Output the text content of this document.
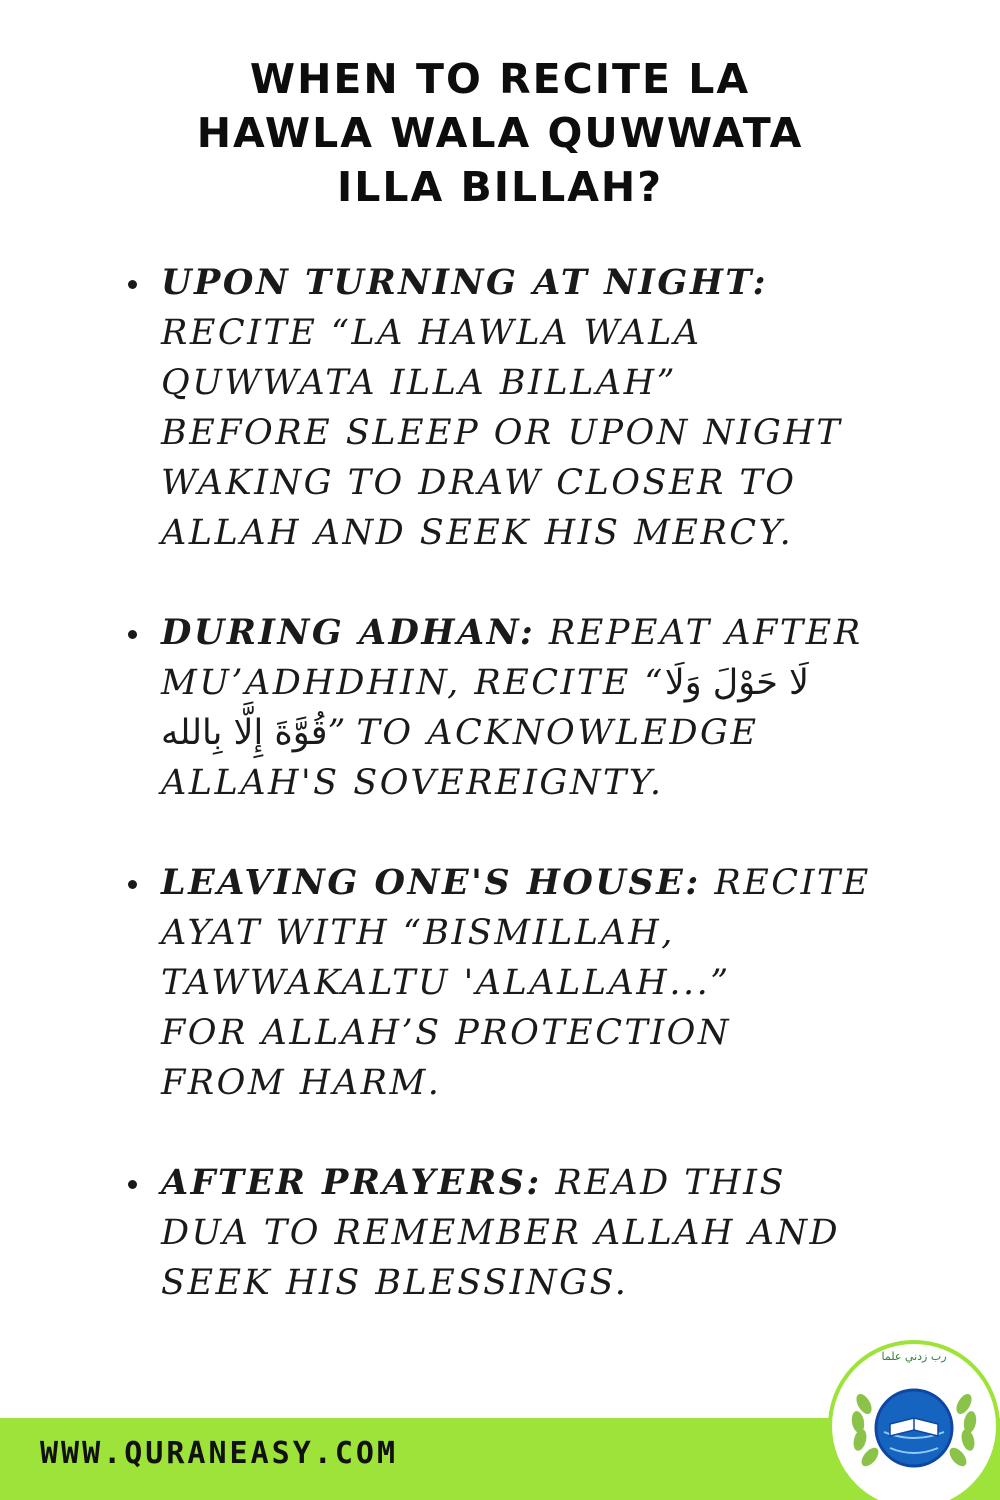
WHEN TO RECITE LA
HAWLA WALA QUWWATA
ILLA BILLAH?
UPON TURNING AT NIGHT:
RECITE “LA HAWLA WALA
QUWWATA ILLA BILLAH”
BEFORE SLEEP OR UPON NIGHT
WAKING TO DRAW CLOSER TO
ALLAH AND SEEK HIS MERCY.
DURING ADHAN: REPEAT AFTER
MU’ADHDHIN, RECITE “لَا حَوْلَ وَلَا
قُوَّةَ إِلَّا بِالله” TO ACKNOWLEDGE
ALLAH'S SOVEREIGNTY.
LEAVING ONE'S HOUSE: RECITE
AYAT WITH “BISMILLAH,
TAWWAKALTU 'ALALLAH...”
FOR ALLAH’S PROTECTION
FROM HARM.
AFTER PRAYERS: READ THIS
DUA TO REMEMBER ALLAH AND
SEEK HIS BLESSINGS.
WWW.QURANEASY.COM
رب زدني علما
